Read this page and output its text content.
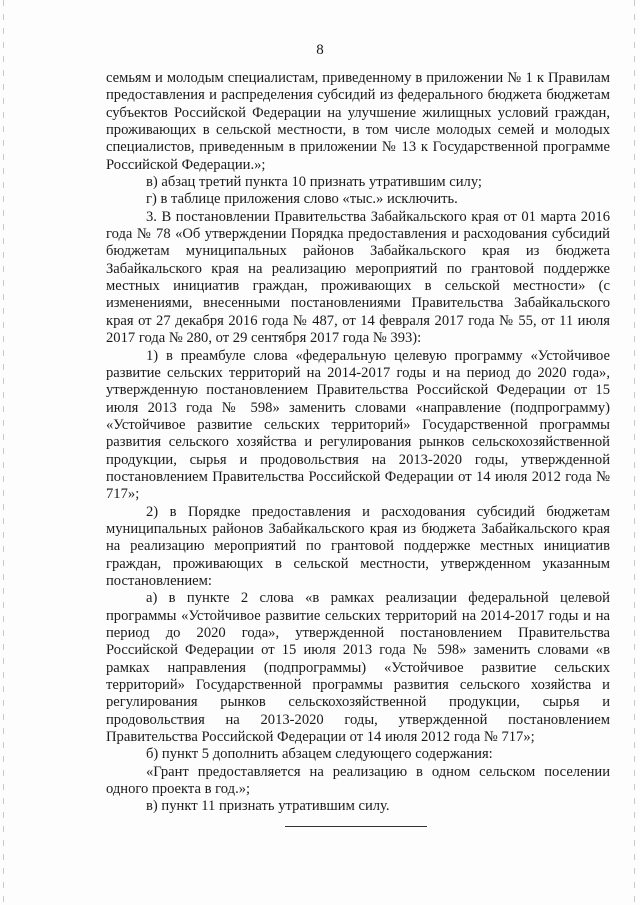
8

семьям и молодым специалистам, приведенному в приложении № 1 к Правилам предоставления и распределения субсидий из федерального бюджета бюджетам субъектов Российской Федерации на улучшение жилищных условий граждан, проживающих в сельской местности, в том числе молодых семей и молодых специалистов, приведенным в приложении № 13 к Государственной программе Российской Федерации.»;

в) абзац третий пункта 10 признать утратившим силу;

г) в таблице приложения слово «тыс.» исключить.

3. В постановлении Правительства Забайкальского края от 01 марта 2016 года № 78 «Об утверждении Порядка предоставления и расходования субсидий бюджетам муниципальных районов Забайкальского края из бюджета Забайкальского края на реализацию мероприятий по грантовой поддержке местных инициатив граждан, проживающих в сельской местности» (с изменениями, внесенными постановлениями Правительства Забайкальского края от 27 декабря 2016 года № 487, от 14 февраля 2017 года № 55, от 11 июля 2017 года № 280, от 29 сентября 2017 года № 393):

1) в преамбуле слова «федеральную целевую программу «Устойчивое развитие сельских территорий на 2014-2017 годы и на период до 2020 года», утвержденную постановлением Правительства Российской Федерации от 15 июля 2013 года № 598» заменить словами «направление (подпрограмму) «Устойчивое развитие сельских территорий» Государственной программы развития сельского хозяйства и регулирования рынков сельскохозяйственной продукции, сырья и продовольствия на 2013-2020 годы, утвержденной постановлением Правительства Российской Федерации от 14 июля 2012 года № 717»;

2) в Порядке предоставления и расходования субсидий бюджетам муниципальных районов Забайкальского края из бюджета Забайкальского края на реализацию мероприятий по грантовой поддержке местных инициатив граждан, проживающих в сельской местности, утвержденном указанным постановлением:

а) в пункте 2 слова «в рамках реализации федеральной целевой программы «Устойчивое развитие сельских территорий на 2014-2017 годы и на период до 2020 года», утвержденной постановлением Правительства Российской Федерации от 15 июля 2013 года № 598» заменить словами «в рамках направления (подпрограммы) «Устойчивое развитие сельских территорий» Государственной программы развития сельского хозяйства и регулирования рынков сельскохозяйственной продукции, сырья и продовольствия на 2013-2020 годы, утвержденной постановлением Правительства Российской Федерации от 14 июля 2012 года № 717»;

б) пункт 5 дополнить абзацем следующего содержания:

«Грант предоставляется на реализацию в одном сельском поселении одного проекта в год.»;

в) пункт 11 признать утратившим силу.
